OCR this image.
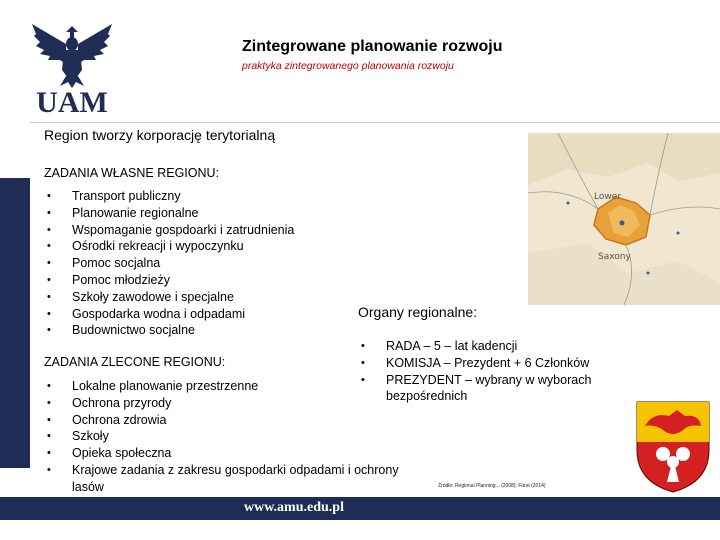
UAM
Zintegrowane planowanie rozwoju
praktyka zintegrowanego planowania rozwoju
Region tworzy korporację terytorialną
ZADANIA WŁASNE REGIONU:
• Transport publiczny
• Planowanie regionalne
• Wspomaganie gospdoarki i zatrudnienia
• Ośrodki rekreacji i wypoczynku
• Pomoc socjalna
• Pomoc młodzieży
• Szkoły zawodowe i specjalne
• Gospodarka wodna i odpadami
• Budownictwo socjalne
ZADANIA ZLECONE REGIONU:
• Lokalne planowanie przestrzenne
• Ochrona przyrody
• Ochrona zdrowia
• Szkoły
• Opieka społeczna
• Krajowe zadania z zakresu gospodarki odpadami i ochrony
lasów
Lower
Saxony
Organy regionalne:
• RADA – 5 – lat kadencji
• KOMISJA – Prezydent + 6 Członków
• PREZYDENT – wybrany w wyborach
bezpośrednich
Źródło: Regional Planning... (2008): Fürst (2014)
www.amu.edu.pl
